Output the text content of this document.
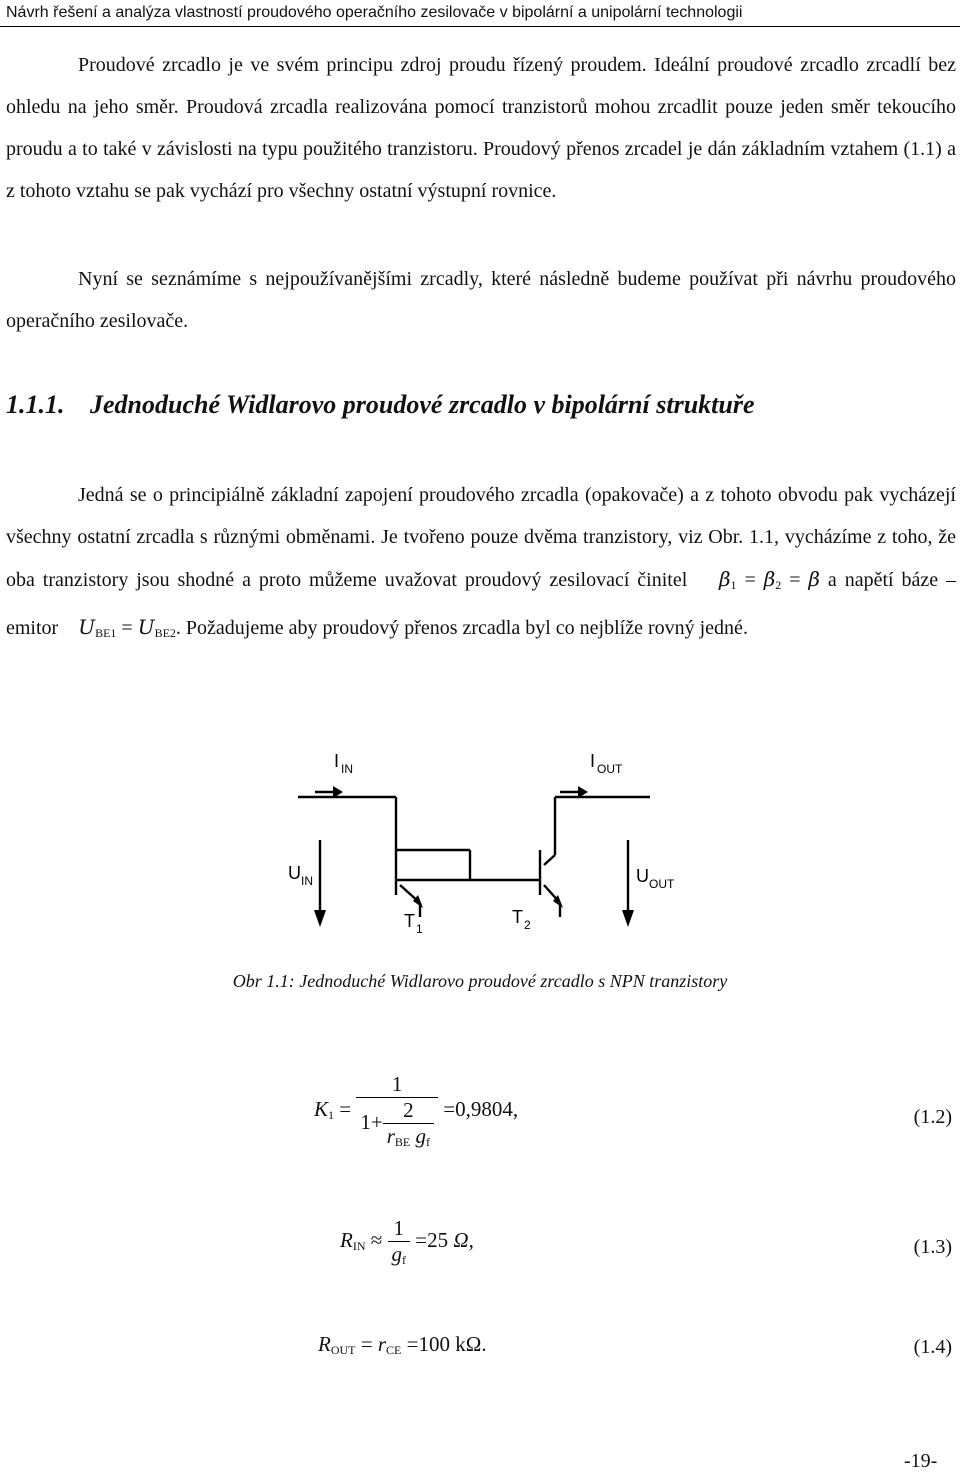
Návrh řešení a analýza vlastností proudového operačního zesilovače v bipolární a unipolární technologii

Proudové zrcadlo je ve svém principu zdroj proudu řízený proudem. Ideální proudové zrcadlo zrcadlí bez ohledu na jeho směr. Proudová zrcadla realizována pomocí tranzistorů mohou zrcadlit pouze jeden směr tekoucího proudu a to také v závislosti na typu použitého tranzistoru. Proudový přenos zrcadel je dán základním vztahem (1.1) a z tohoto vztahu se pak vychází pro všechny ostatní výstupní rovnice.

Nyní se seznámíme s nejpoužívanějšími zrcadly, které následně budeme používat při návrhu proudového operačního zesilovače.

1.1.1. Jednoduché Widlarovo proudové zrcadlo v bipolární struktuře

Jedná se o principiálně základní zapojení proudového zrcadla (opakovače) a z tohoto obvodu pak vycházejí všechny ostatní zrcadla s různými obměnami. Je tvořeno pouze dvěma tranzistory, viz Obr. 1.1, vycházíme z toho, že oba tranzistory jsou shodné a proto můžeme uvažovat proudový zesilovací činitel $\beta_1 = \beta_2 = \beta$ a napětí báze – emitor $U_{BE1} = U_{BE2}$. Požadujeme aby proudový přenos zrcadla byl co nejblíže rovný jedné.

I IN	I OUT
U IN	U OUT
T 1
T 2
Obr 1.1: Jednoduché Widlarovo proudové zrcadlo s NPN tranzistory
$K_1 = \frac{1}{1+ \frac{2}{r_{BE} g_f}} =0,9804$,	(1.2)
$R_{IN} \approx \frac{1}{g_f} =25$ Ω,	(1.3)
$R_{OUT} = r_{CE} =100$ kΩ.	(1.4)
-19-
